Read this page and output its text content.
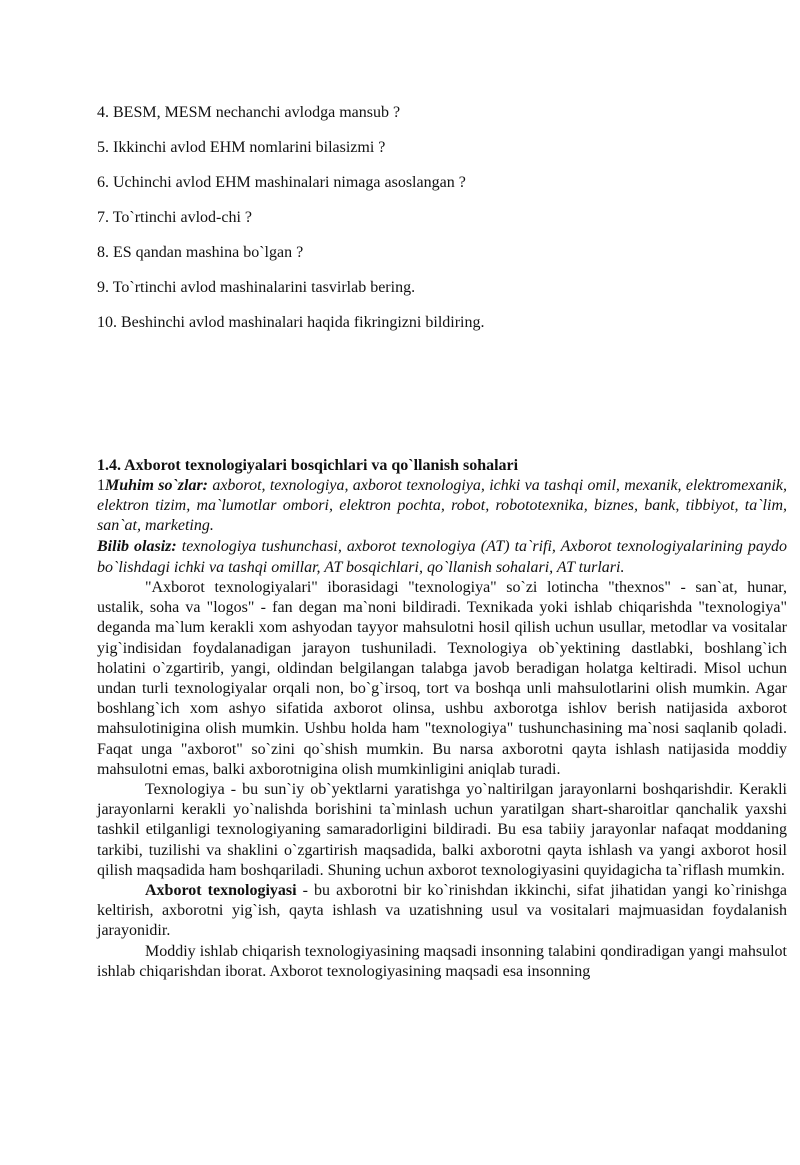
4. BESM, MESM nechanchi avlodga mansub ?
5. Ikkinchi avlod EHM nomlarini bilasizmi ?
6. Uchinchi avlod EHM mashinalari nimaga asoslangan ?
7. To`rtinchi avlod-chi ?
8. ES qandan mashina bo`lgan ?
9. To`rtinchi avlod mashinalarini tasvirlab bering.
10. Beshinchi avlod mashinalari haqida fikringizni bildiring.

1.4. Axborot texnologiyalari bosqichlari va qo`llanish sohalari

1Muhim so`zlar: axborot, texnologiya, axborot texnologiya, ichki va tashqi omil, mexanik, elektromexanik, elektron tizim, ma`lumotlar ombori, elektron pochta, robot, robototexnika, biznes, bank, tibbiyot, ta`lim, san`at, marketing.

Bilib olasiz: texnologiya tushunchasi, axborot texnologiya (AT) ta`rifi, Axborot texnologiyalarining paydo bo`lishdagi ichki va tashqi omillar, AT bosqichlari, qo`llanish sohalari, AT turlari.

"Axborot texnologiyalari" iborasidagi "texnologiya" so`zi lotincha "thexnos" - san`at, hunar, ustalik, soha va "logos" - fan degan ma`noni bildiradi. Texnikada yoki ishlab chiqarishda "texnologiya" deganda ma`lum kerakli xom ashyodan tayyor mahsulotni hosil qilish uchun usullar, metodlar va vositalar yig`indisidan foydalanadigan jarayon tushuniladi. Texnologiya ob`yektining dastlabki, boshlang`ich holatini o`zgartirib, yangi, oldindan belgilangan talabga javob beradigan holatga keltiradi. Misol uchun undan turli texnologiyalar orqali non, bo`g`irsoq, tort va boshqa unli mahsulotlarini olish mumkin. Agar boshlang`ich xom ashyo sifatida axborot olinsa, ushbu axborotga ishlov berish natijasida axborot mahsulotinigina olish mumkin. Ushbu holda ham "texnologiya" tushunchasining ma`nosi saqlanib qoladi. Faqat unga "axborot" so`zini qo`shish mumkin. Bu narsa axborotni qayta ishlash natijasida moddiy mahsulotni emas, balki axborotnigina olish mumkinligini aniqlab turadi.

Texnologiya - bu sun`iy ob`yektlarni yaratishga yo`naltirilgan jarayonlarni boshqarishdir. Kerakli jarayonlarni kerakli yo`nalishda borishini ta`minlash uchun yaratilgan shart-sharoitlar qanchalik yaxshi tashkil etilganligi texnologiyaning samaradorligini bildiradi. Bu esa tabiiy jarayonlar nafaqat moddaning tarkibi, tuzilishi va shaklini o`zgartirish maqsadida, balki axborotni qayta ishlash va yangi axborot hosil qilish maqsadida ham boshqariladi. Shuning uchun axborot texnologiyasini quyidagicha ta`riflash mumkin.

Axborot texnologiyasi - bu axborotni bir ko`rinishdan ikkinchi, sifat jihatidan yangi ko`rinishga keltirish, axborotni yig`ish, qayta ishlash va uzatishning usul va vositalari majmuasidan foydalanish jarayonidir.

Moddiy ishlab chiqarish texnologiyasining maqsadi insonning talabini qondiradigan yangi mahsulot ishlab chiqarishdan iborat. Axborot texnologiyasining maqsadi esa insonning
